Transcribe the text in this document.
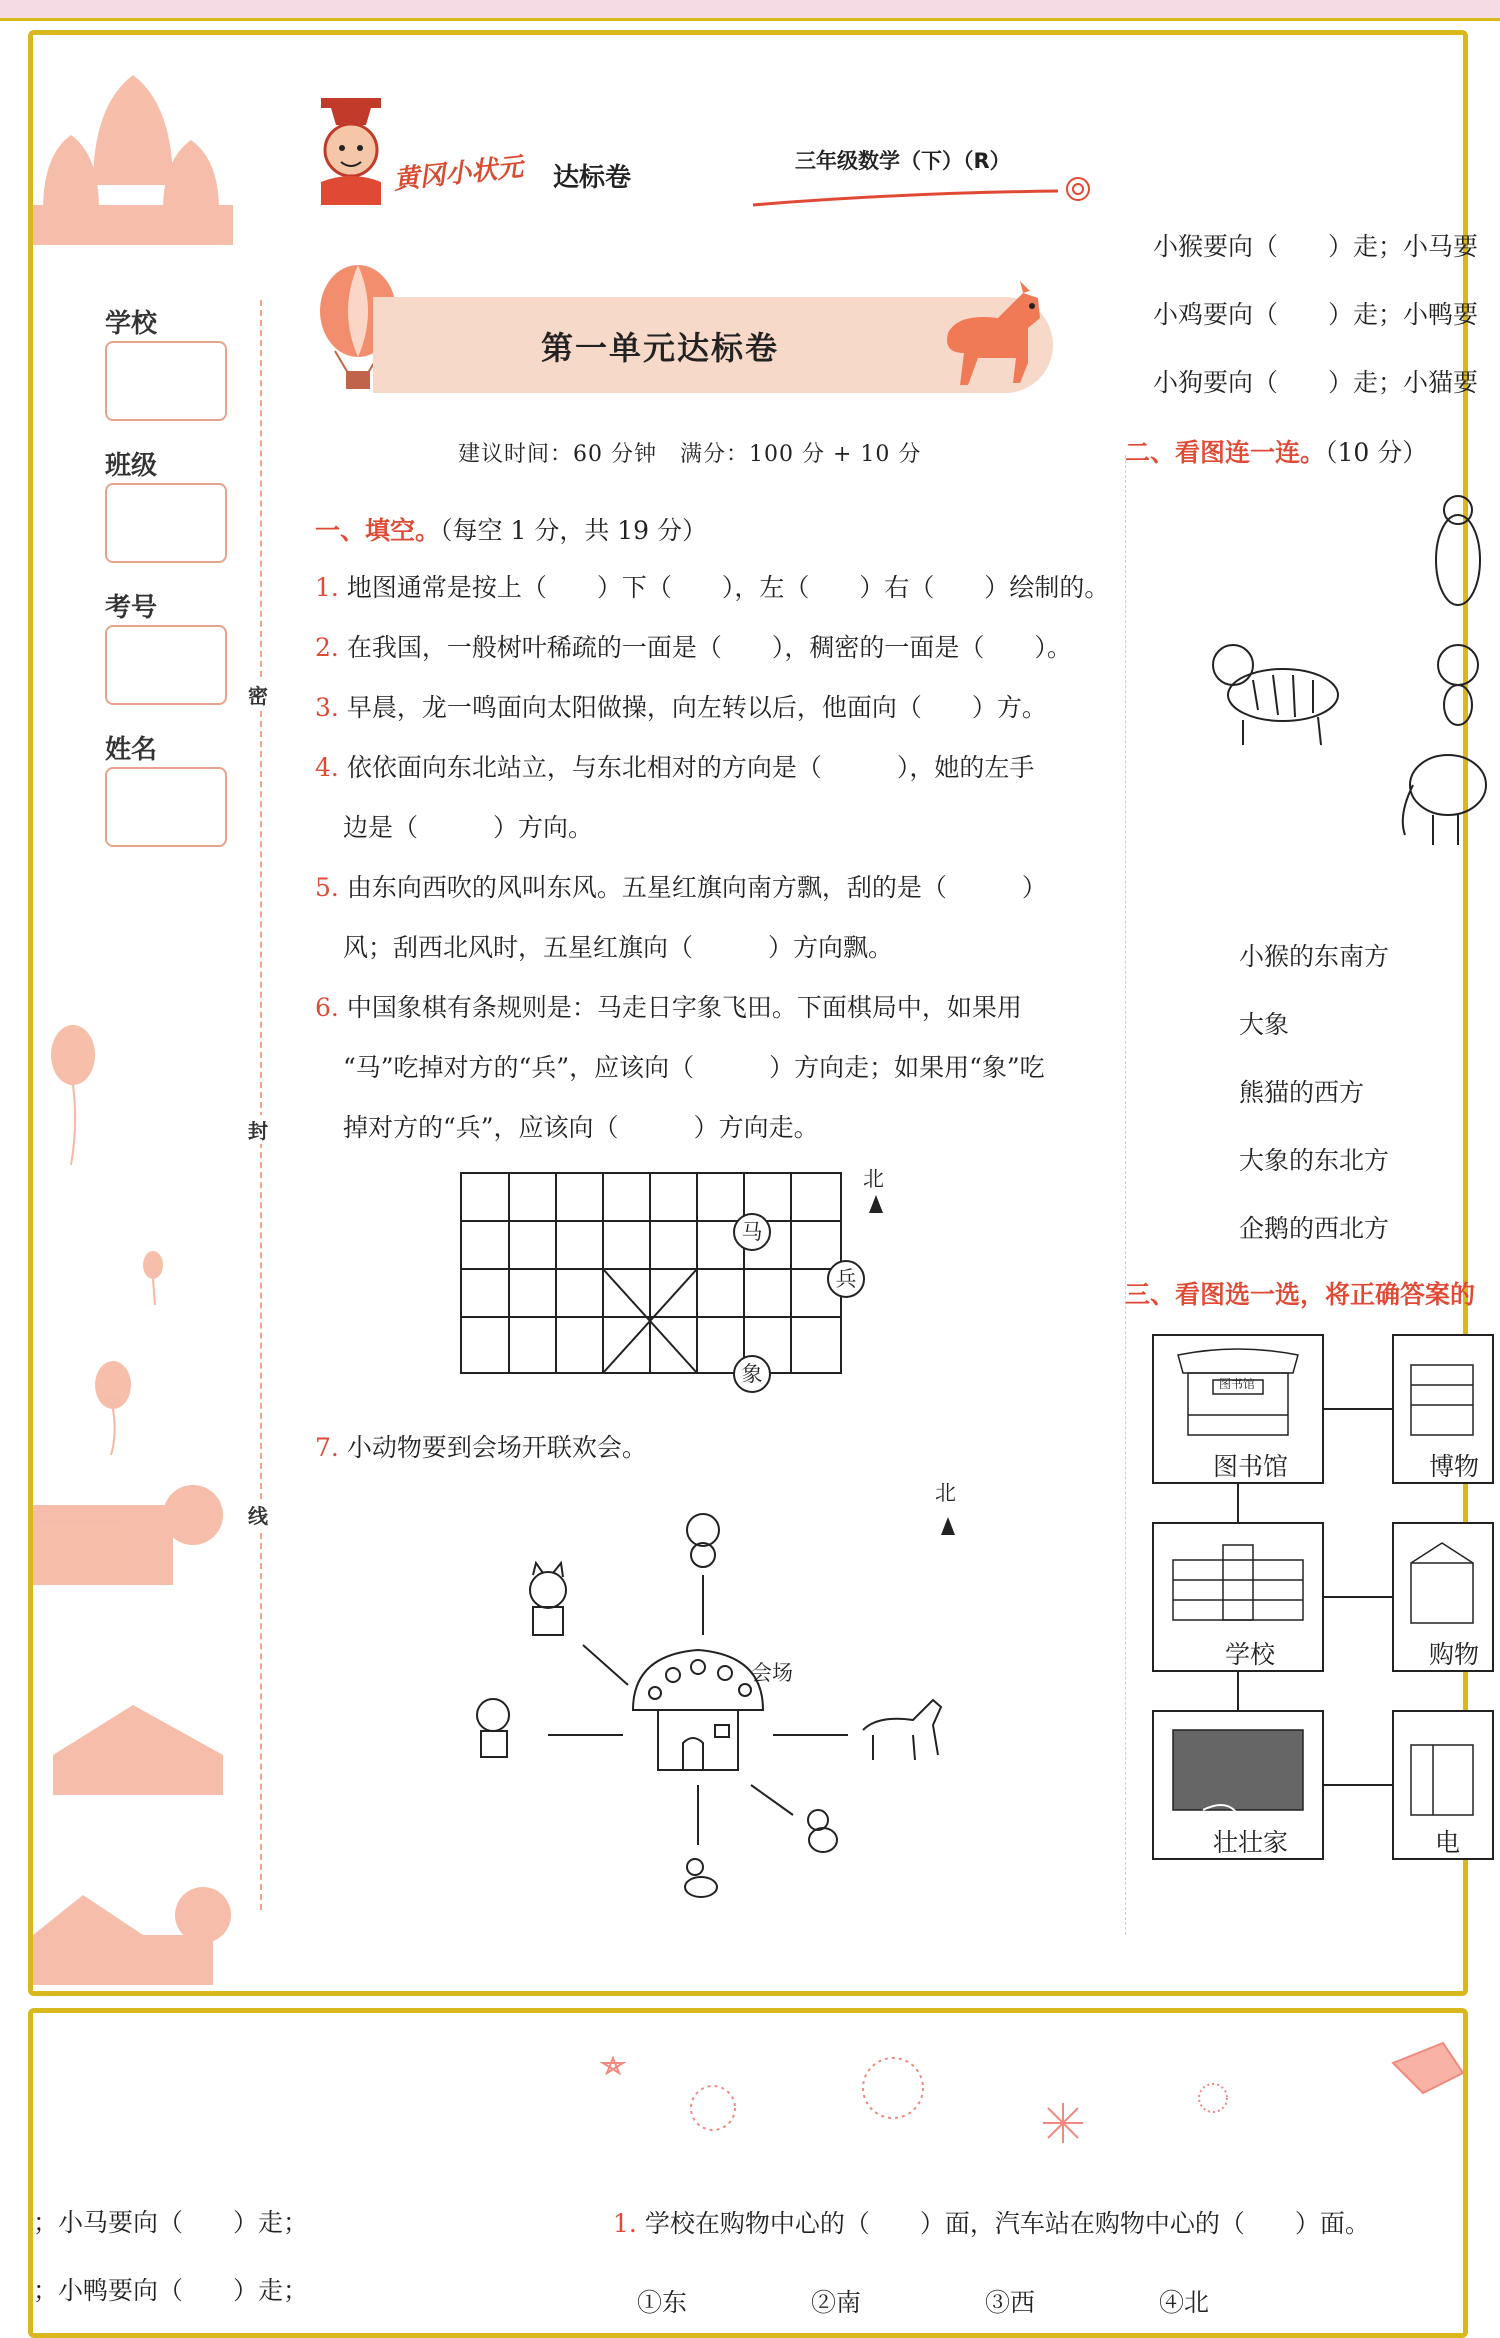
学校
班级
考号
姓名
密
封
线
黄冈小状元 达标卷
三年级数学（下）（R）
第一单元达标卷
建议时间：60 分钟　满分：100 分 + 10 分
一、填空。（每空 1 分，共 19 分）
1. 地图通常是按上（　　）下（　　），左（　　）右（　　）绘制的。
2. 在我国，一般树叶稀疏的一面是（　　），稠密的一面是（　　）。
3. 早晨，龙一鸣面向太阳做操，向左转以后，他面向（　　）方。
4. 依依面向东北站立，与东北相对的方向是（　　　），她的左手
边是（　　　）方向。
5. 由东向西吹的风叫东风。五星红旗向南方飘，刮的是（　　　）
风；刮西北风时，五星红旗向（　　　）方向飘。
6. 中国象棋有条规则是：马走日字象飞田。下面棋局中，如果用
“马”吃掉对方的“兵”，应该向（　　　）方向走；如果用“象”吃
掉对方的“兵”，应该向（　　　）方向走。
北
马
兵
象
7. 小动物要到会场开联欢会。
北
会场
小猴要向（　　）走；小马要
小鸡要向（　　）走；小鸭要
小狗要向（　　）走；小猫要
二、看图连一连。（10 分）
小猴的东南方
大象
熊猫的西方
大象的东北方
企鹅的西北方
三、看图选一选，将正确答案的
图书馆
图书馆	博物
学校	购物
壮壮家	电
；小马要向（　　）走；
；小鸭要向（　　）走；
1. 学校在购物中心的（　　）面，汽车站在购物中心的（　　）面。
①东	②南	③西	④北
